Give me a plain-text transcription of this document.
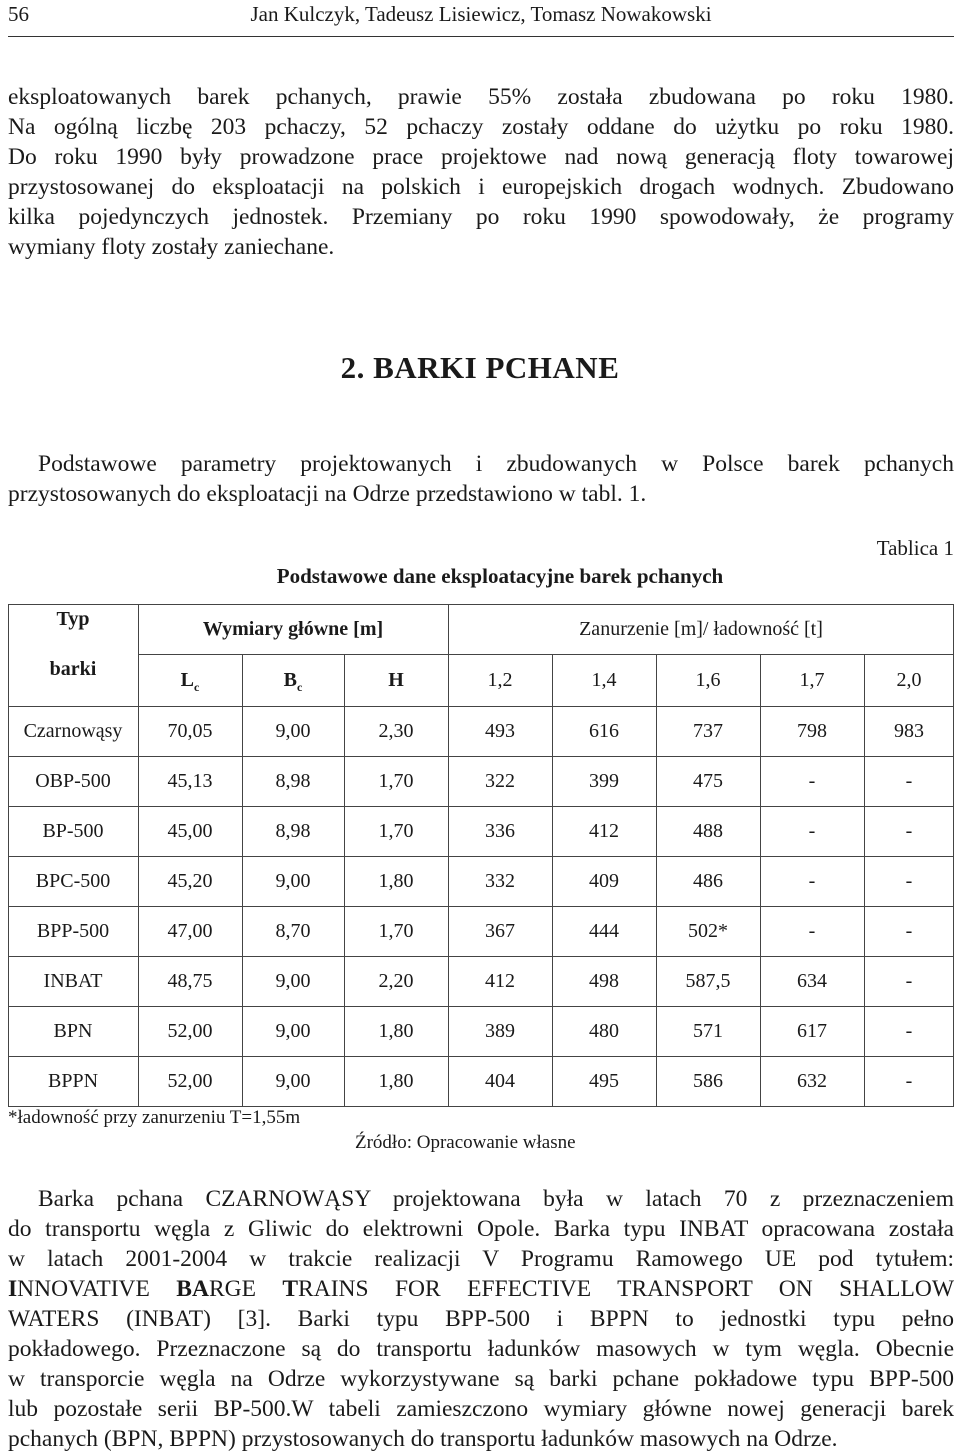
56	Jan Kulczyk, Tadeusz Lisiewicz, Tomasz Nowakowski
eksploatowanych barek pchanych, prawie 55% została zbudowana po roku 1980.
Na ogólną liczbę 203 pchaczy, 52 pchaczy zostały oddane do użytku po roku 1980.
Do roku 1990 były prowadzone prace projektowe nad nową generacją floty towarowej
przystosowanej do eksploatacji na polskich i europejskich drogach wodnych. Zbudowano
kilka pojedynczych jednostek. Przemiany po roku 1990 spowodowały, że programy
wymiany floty zostały zaniechane.
2. BARKI PCHANE
Podstawowe parametry projektowanych i zbudowanych w Polsce barek pchanych
przystosowanych do eksploatacji na Odrze przedstawiono w tabl. 1.
Tablica 1
Podstawowe dane eksploatacyjne barek pchanych
Typ
barki
Wymiary główne [m]	Zanurzenie [m]/ ładowność [t]
$L_c$	$B_c$	H	1,2	1,4	1,6	1,7	2,0
Czarnowąsy	70,05	9,00	2,30	493	616	737	798	983
OBP-500	45,13	8,98	1,70	322	399	475	-	-
BP-500	45,00	8,98	1,70	336	412	488	-	-
BPC-500	45,20	9,00	1,80	332	409	486	-	-
BPP-500	47,00	8,70	1,70	367	444	502*	-	-
INBAT	48,75	9,00	2,20	412	498	587,5	634	-
BPN	52,00	9,00	1,80	389	480	571	617	-
BPPN	52,00	9,00	1,80	404	495	586	632	-
*ładowność przy zanurzeniu T=1,55m
Źródło: Opracowanie własne
Barka pchana CZARNOWĄSY projektowana była w latach 70 z przeznaczeniem
do transportu węgla z Gliwic do elektrowni Opole. Barka typu INBAT opracowana została
w latach 2001-2004 w trakcie realizacji V Programu Ramowego UE pod tytułem:
INNOVATIVE BARGE TRAINS FOR EFFECTIVE TRANSPORT ON SHALLOW
WATERS (INBAT) [3]. Barki typu BPP-500 i BPPN to jednostki typu pełno
pokładowego. Przeznaczone są do transportu ładunków masowych w tym węgla. Obecnie
w transporcie węgla na Odrze wykorzystywane są barki pchane pokładowe typu BPP-500
lub pozostałe serii BP-500.W tabeli zamieszczono wymiary główne nowej generacji barek
pchanych (BPN, BPPN) przystosowanych do transportu ładunków masowych na Odrze.
